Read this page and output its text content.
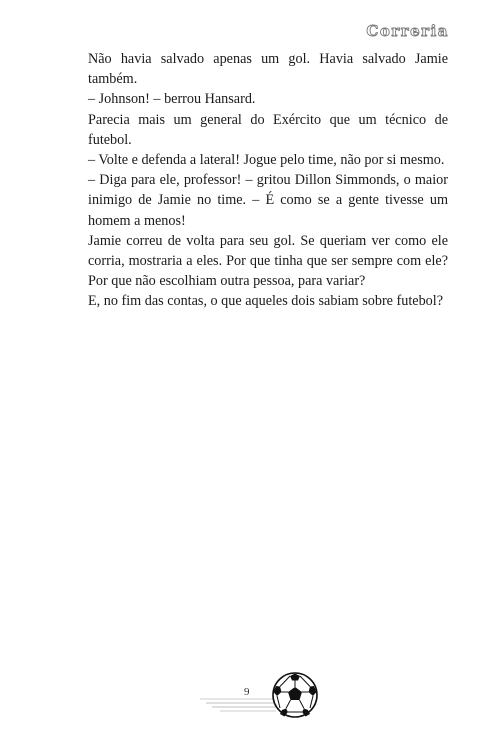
Correria

Não havia salvado apenas um gol. Havia salvado Jamie também.

– Johnson! – berrou Hansard.

Parecia mais um general do Exército que um técnico de futebol.

– Volte e defenda a lateral! Jogue pelo time, não por si mesmo.

– Diga para ele, professor! – gritou Dillon Simmonds, o maior inimigo de Jamie no time. – É como se a gente tivesse um homem a menos!

Jamie correu de volta para seu gol. Se queriam ver como ele corria, mostraria a eles. Por que tinha que ser sempre com ele? Por que não escolhiam outra pessoa, para variar?

E, no fim das contas, o que aqueles dois sabiam sobre futebol?

9
